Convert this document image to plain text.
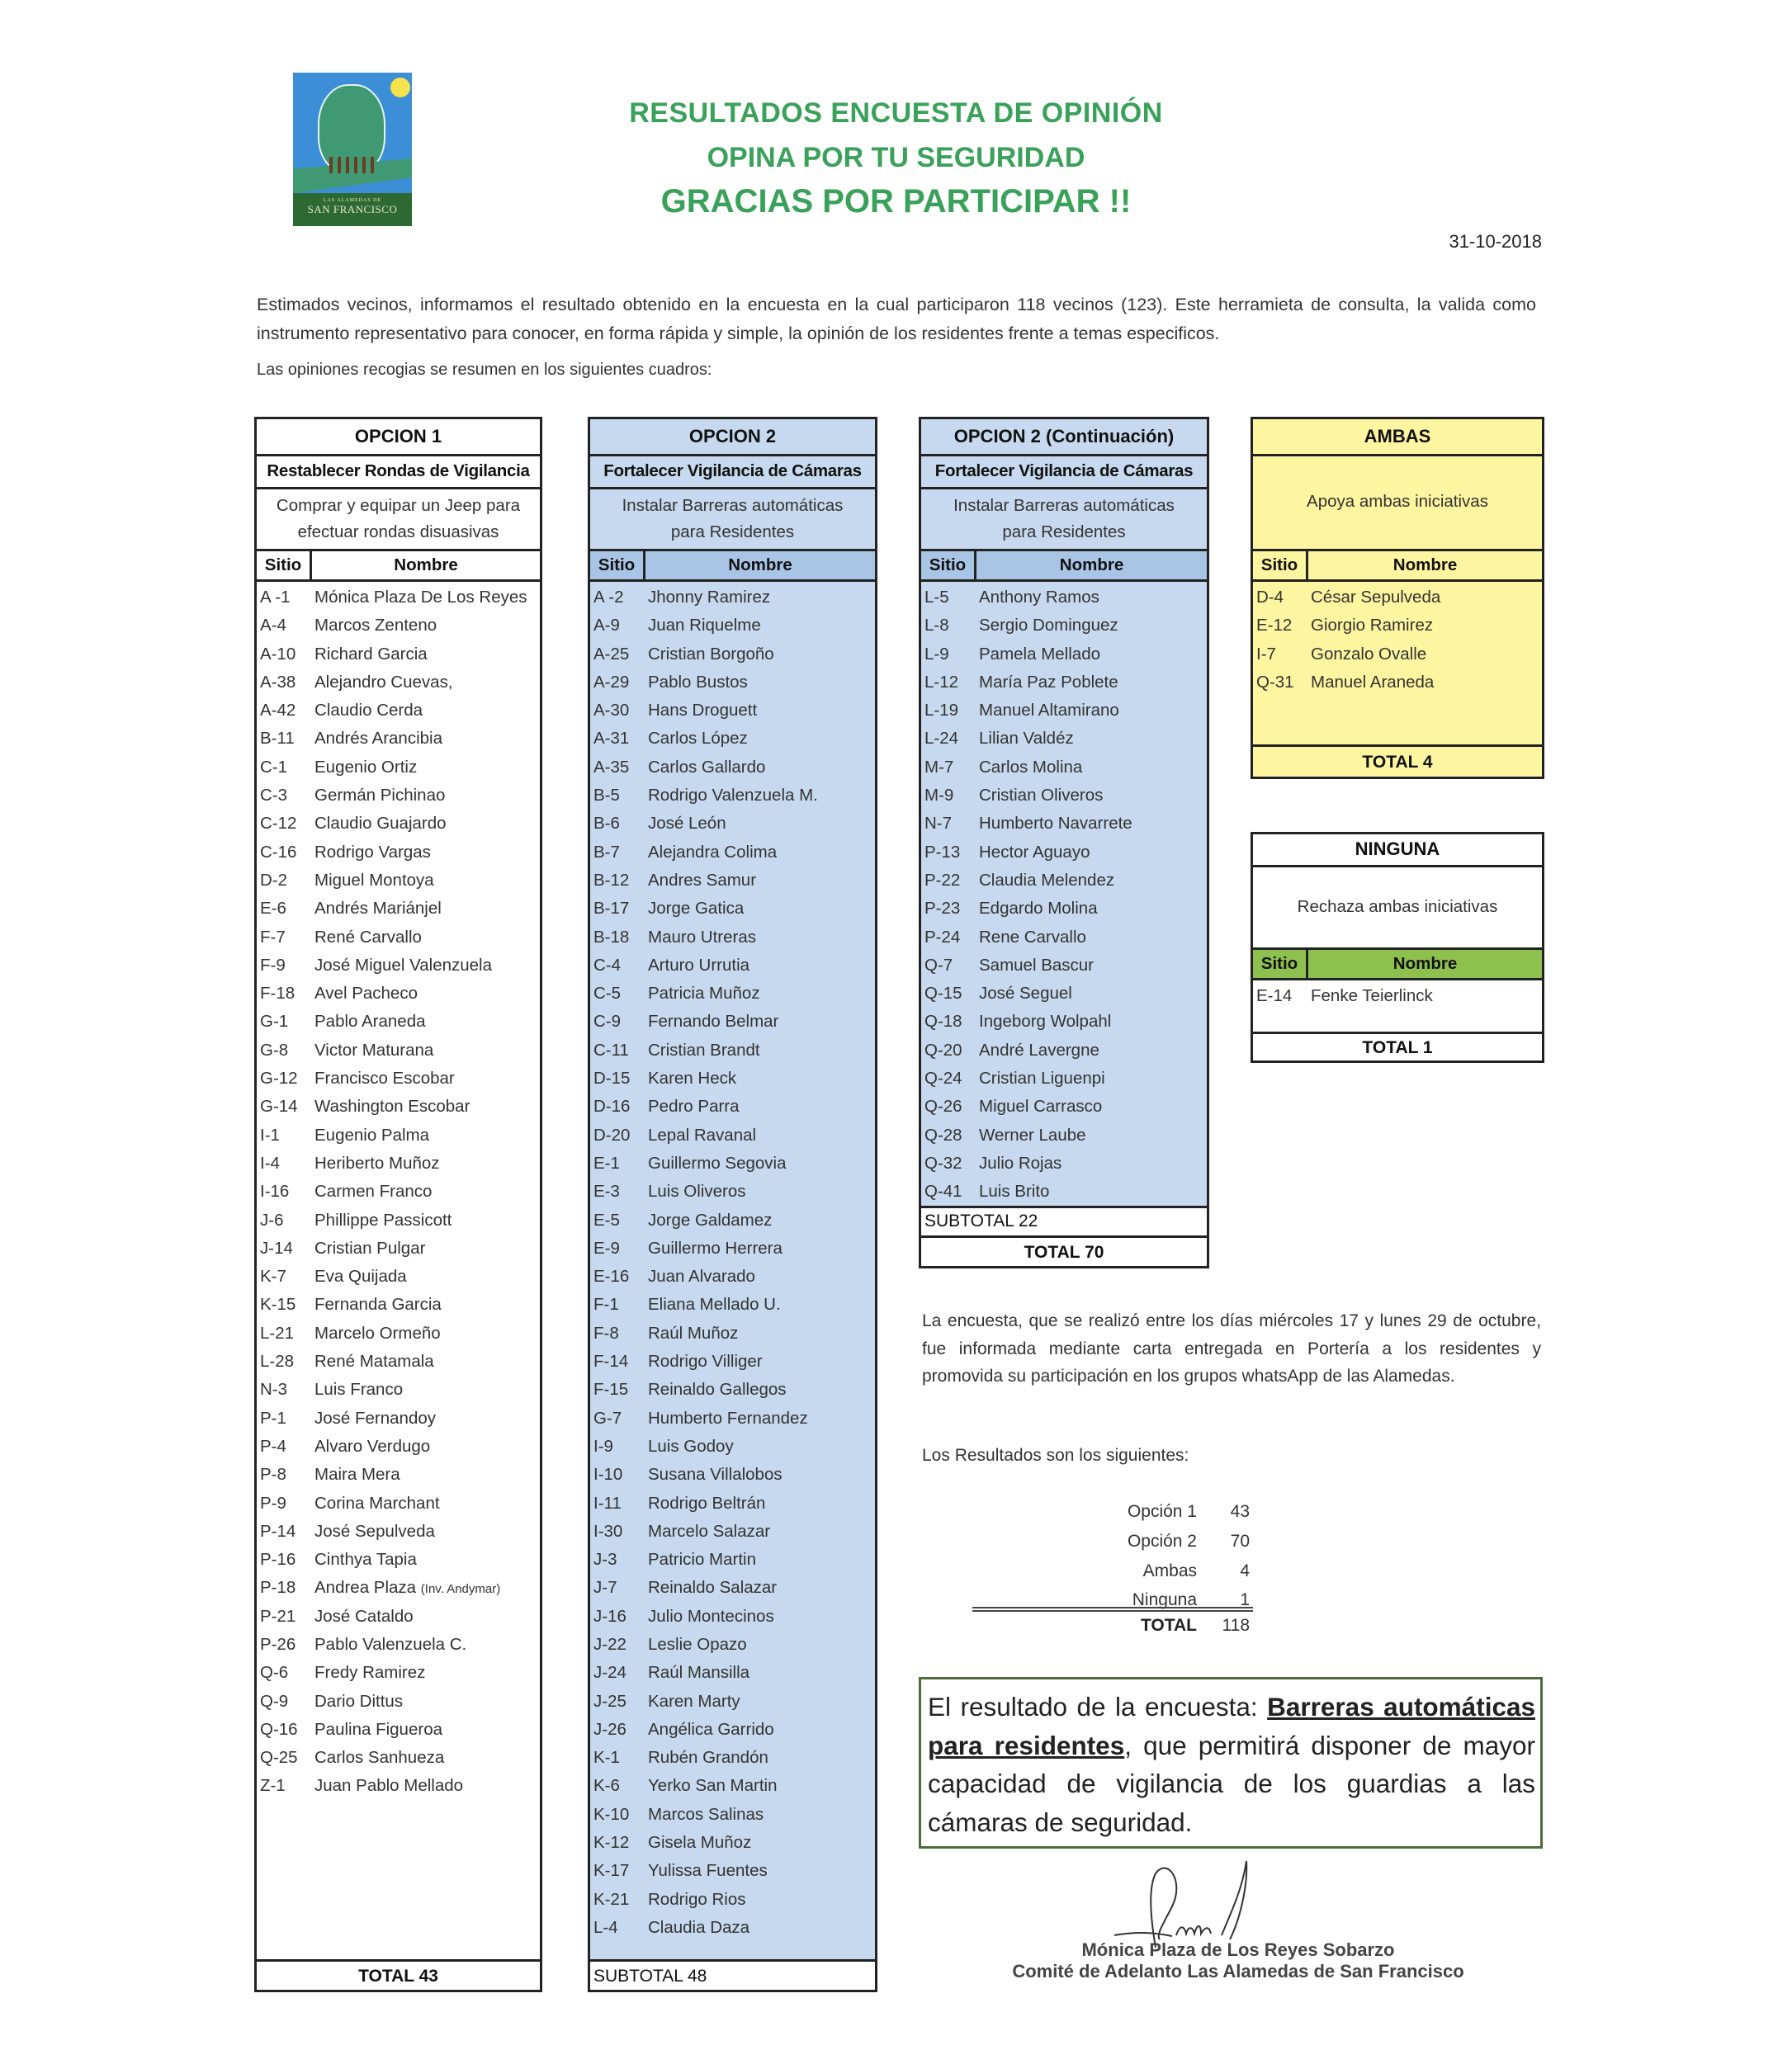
LAS ALAMEDAS DE
SAN FRANCISCO
RESULTADOS ENCUESTA DE OPINIÓN
OPINA POR TU SEGURIDAD
GRACIAS POR PARTICIPAR !!
31-10-2018
Estimados vecinos, informamos el resultado obtenido en la encuesta en la cual participaron 118 vecinos (123). Este herramieta de consulta, la valida como instrumento representativo para conocer, en forma rápida y simple, la opinión de los residentes frente a temas especificos.
Las opiniones recogias se resumen en los siguientes cuadros:
OPCION 1
Restablecer Rondas de Vigilancia
Comprar y equipar un Jeep para
efectuar rondas disuasivas
Sitio	Nombre
A -1	Mónica Plaza De Los Reyes
A-4	Marcos Zenteno
A-10	Richard Garcia
A-38	Alejandro Cuevas,
A-42	Claudio Cerda
B-11	Andrés Arancibia
C-1	Eugenio Ortiz
C-3	Germán Pichinao
C-12	Claudio Guajardo
C-16	Rodrigo Vargas
D-2	Miguel Montoya
E-6	Andrés Mariánjel
F-7	René Carvallo
F-9	José Miguel Valenzuela
F-18	Avel Pacheco
G-1	Pablo Araneda
G-8	Victor Maturana
G-12 Francisco Escobar
G-14 Washington Escobar
I-1	Eugenio Palma
I-4	Heriberto Muñoz
I-16	Carmen Franco
J-6	Phillippe Passicott
J-14	Cristian Pulgar
K-7	Eva Quijada
K-15	Fernanda Garcia
L-21	Marcelo Ormeño
L-28	René Matamala
N-3	Luis Franco
P-1	José Fernandoy
P-4	Alvaro Verdugo
P-8	Maira Mera
P-9	Corina Marchant
P-14	José Sepulveda
P-16	Cinthya Tapia
P-18	Andrea Plaza (Inv. Andymar)
P-21	José Cataldo
P-26	Pablo Valenzuela C.
Q-6	Fredy Ramirez
Q-9	Dario Dittus
Q-16 Paulina Figueroa
Q-25 Carlos Sanhueza
Z-1	Juan Pablo Mellado
TOTAL 43
OPCION 2
Fortalecer Vigilancia de Cámaras
Instalar Barreras automáticas
para Residentes
Sitio	Nombre
A -2	Jhonny Ramirez
A-9	Juan Riquelme
A-25	Cristian Borgoño
A-29	Pablo Bustos
A-30	Hans Droguett
A-31	Carlos López
A-35	Carlos Gallardo
B-5	Rodrigo Valenzuela M.
B-6	José León
B-7	Alejandra Colima
B-12	Andres Samur
B-17	Jorge Gatica
B-18	Mauro Utreras
C-4	Arturo Urrutia
C-5	Patricia Muñoz
C-9	Fernando Belmar
C-11	Cristian Brandt
D-15	Karen Heck
D-16	Pedro Parra
D-20	Lepal Ravanal
E-1	Guillermo Segovia
E-3	Luis Oliveros
E-5	Jorge Galdamez
E-9	Guillermo Herrera
E-16	Juan Alvarado
F-1	Eliana Mellado U.
F-8	Raúl Muñoz
F-14	Rodrigo Villiger
F-15	Reinaldo Gallegos
G-7	Humberto Fernandez
I-9	Luis Godoy
I-10	Susana Villalobos
I-11	Rodrigo Beltrán
I-30	Marcelo Salazar
J-3	Patricio Martin
J-7	Reinaldo Salazar
J-16	Julio Montecinos
J-22	Leslie Opazo
J-24	Raúl Mansilla
J-25	Karen Marty
J-26	Angélica Garrido
K-1	Rubén Grandón
K-6	Yerko San Martin
K-10	Marcos Salinas
K-12	Gisela Muñoz
K-17	Yulissa Fuentes
K-21	Rodrigo Rios
L-4	Claudia Daza
SUBTOTAL 48
OPCION 2 (Continuación)
Fortalecer Vigilancia de Cámaras
Instalar Barreras automáticas
para Residentes
Sitio	Nombre
L-5	Anthony Ramos
L-8	Sergio Dominguez
L-9	Pamela Mellado
L-12	María Paz Poblete
L-19	Manuel Altamirano
L-24	Lilian Valdéz
M-7	Carlos Molina
M-9	Cristian Oliveros
N-7	Humberto Navarrete
P-13	Hector Aguayo
P-22	Claudia Melendez
P-23	Edgardo Molina
P-24	Rene Carvallo
Q-7	Samuel Bascur
Q-15 José Seguel
Q-18 Ingeborg Wolpahl
Q-20 André Lavergne
Q-24 Cristian Liguenpi
Q-26 Miguel Carrasco
Q-28 Werner Laube
Q-32 Julio Rojas
Q-41 Luis Brito
SUBTOTAL 22
TOTAL 70
AMBAS
Apoya ambas iniciativas
Sitio	Nombre
D-4	César Sepulveda
E-12	Giorgio Ramirez
I-7	Gonzalo Ovalle
Q-31 Manuel Araneda
TOTAL 4
NINGUNA
Rechaza ambas iniciativas
Sitio	Nombre
E-14	Fenke Teierlinck
TOTAL 1
La encuesta, que se realizó entre los días miércoles 17 y lunes 29 de octubre, fue informada mediante carta entregada en Portería a los residentes y promovida su participación en los grupos whatsApp de las Alamedas.
Los Resultados son los siguientes:
Opción 1 43
Opción 2 70
Ambas 4
Ninguna 1
TOTAL 118
El resultado de la encuesta: Barreras automáticas para residentes, que permitirá disponer de mayor capacidad de vigilancia de los guardias a las cámaras de seguridad.
Mónica Plaza de Los Reyes Sobarzo
Comité de Adelanto Las Alamedas de San Francisco
